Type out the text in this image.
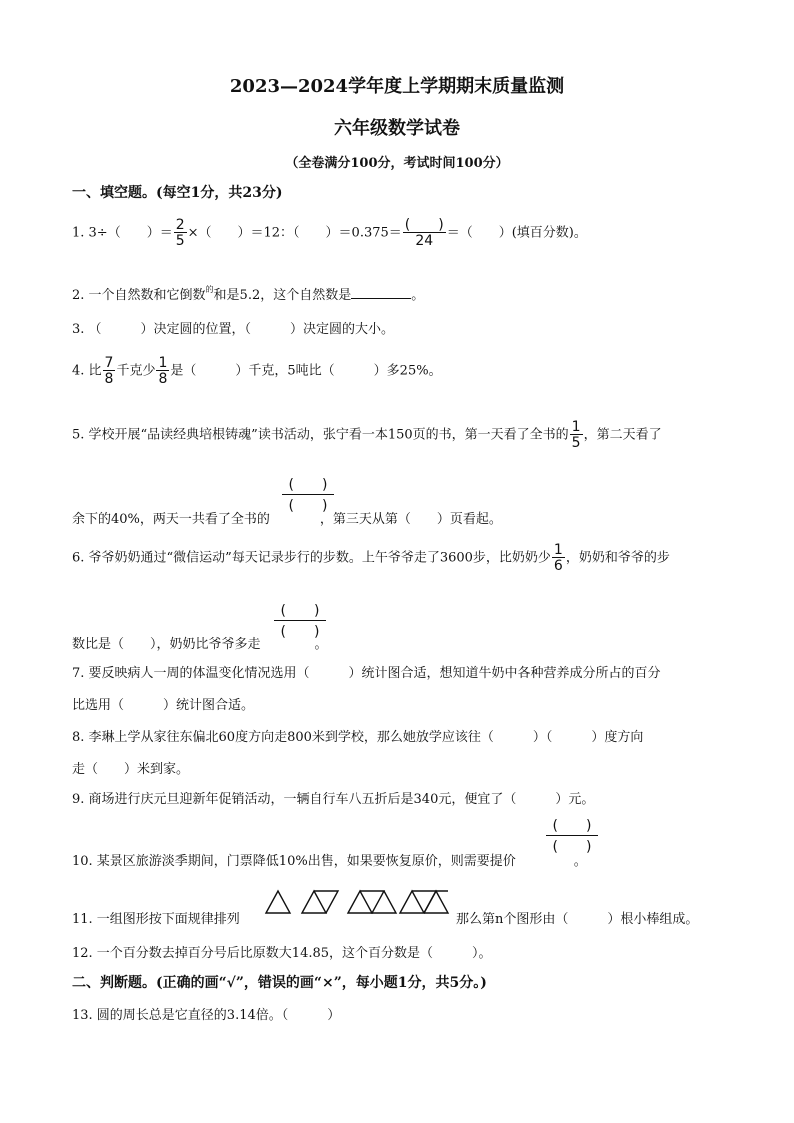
2023—2024学年度上学期期末质量监测
六年级数学试卷
（全卷满分100分，考试时间100分）
一、填空题。(每空1分，共23分)
1. 3÷（　　）＝ $\frac{2}{5}$ ×（　　）＝12：（　　）$=0.375= \frac{( )}{24}$ ＝（　　）(填百分数)。
2. 一个自然数和它倒数$^的$和是5.2，这个自然数是	。
3. （　　　）决定圆的位置，（　　　）决定圆的大小。
4. 比 $\frac{7}{8}$ 千克少 $\frac{1}{8}$ 是（　　　）千克，5吨比（　　　）多25%。
5. 学校开展“品读经典培根铸魂”读书活动，张宁看一本150页的书，第一天看了全书的 $\frac{1}{5}$ ，第二天看了
余下的40%，两天一共看了全书的	，第三天从第（　　）页看起。
(　　)
(　　)
6. 爷爷奶奶通过“微信运动”每天记录步行的步数。上午爷爷走了3600步，比奶奶少 $\frac{1}{6}$ ，奶奶和爷爷的步
数比是（　　），奶奶比爷爷多走	。
(　　)
(　　)
7. 要反映病人一周的体温变化情况选用（　　　）统计图合适，想知道牛奶中各种营养成分所占的百分
比选用（　　　）统计图合适。
8. 李琳上学从家往东偏北60度方向走800米到学校，那么她放学应该往（　　　）（　　　）度方向
走（　　）米到家。
9. 商场进行庆元旦迎新年促销活动，一辆自行车八五折后是340元，便宜了（　　　）元。
10. 某景区旅游淡季期间，门票降低10%出售，如果要恢复原价，则需要提价	。
(　　)
(　　)
11. 一组图形按下面规律排列	那么第n个图形由（　　　）根小棒组成。
12. 一个百分数去掉百分号后比原数大14.85，这个百分数是（　　　）。
二、判断题。(正确的画“√”，错误的画“×”，每小题1分，共5分。)
13. 圆的周长总是它直径的3.14倍。（　　　）
